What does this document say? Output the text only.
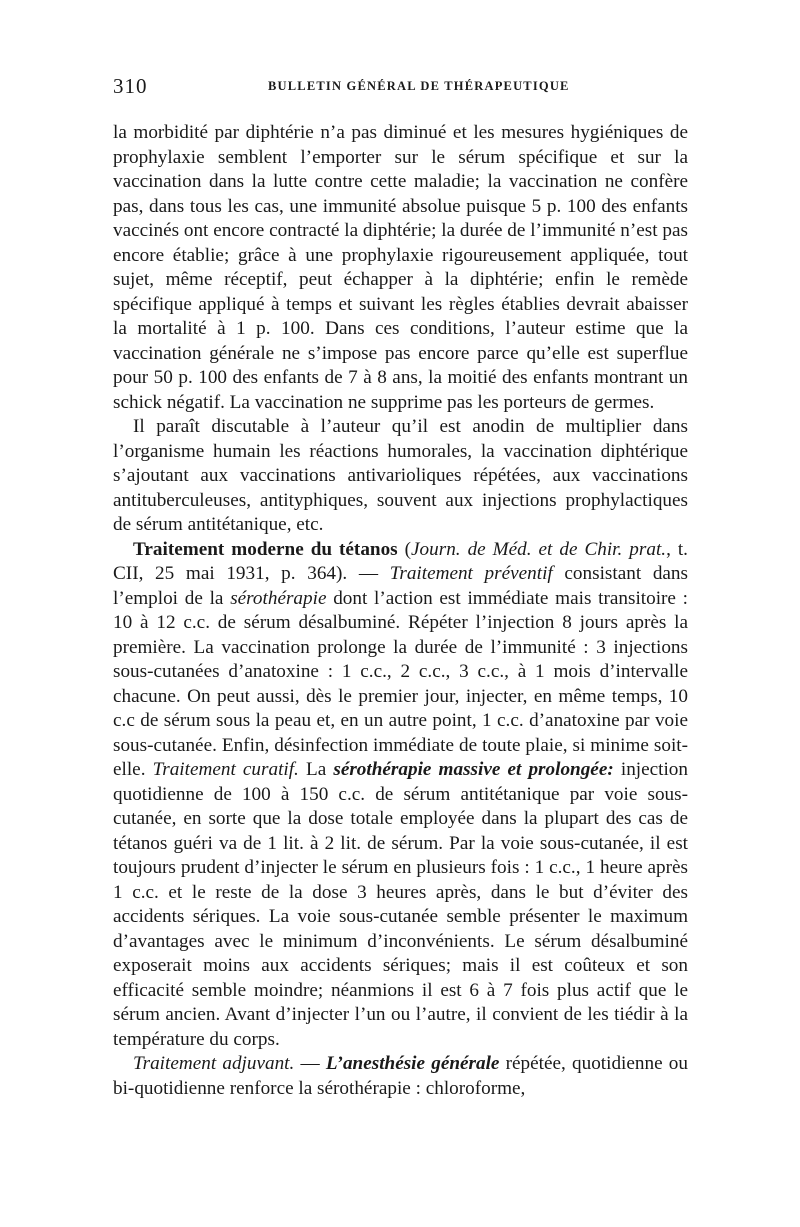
310	BULLETIN GÉNÉRAL DE THÉRAPEUTIQUE

la morbidité par diphtérie n’a pas diminué et les mesures hygiéniques de prophylaxie semblent l’emporter sur le sérum spécifique et sur la vaccination dans la lutte contre cette maladie; la vaccination ne confère pas, dans tous les cas, une immunité absolue puisque 5 p. 100 des enfants vaccinés ont encore contracté la diphtérie; la durée de l’immunité n’est pas encore établie; grâce à une prophylaxie rigoureusement appliquée, tout sujet, même réceptif, peut échapper à la diphtérie; enfin le remède spécifique appliqué à temps et suivant les règles établies devrait abaisser la mortalité à 1 p. 100. Dans ces conditions, l’auteur estime que la vaccination générale ne s’impose pas encore parce qu’elle est superflue pour 50 p. 100 des enfants de 7 à 8 ans, la moitié des enfants montrant un schick négatif. La vaccination ne supprime pas les porteurs de germes.

Il paraît discutable à l’auteur qu’il est anodin de multiplier dans l’organisme humain les réactions humorales, la vaccination diphtérique s’ajoutant aux vaccinations antivarioliques répétées, aux vaccinations antituberculeuses, antityphiques, souvent aux injections prophylactiques de sérum antitétanique, etc.

Traitement moderne du tétanos (Journ. de Méd. et de Chir. prat., t. CII, 25 mai 1931, p. 364). — Traitement préventif consistant dans l’emploi de la sérothérapie dont l’action est immédiate mais transitoire : 10 à 12 c.c. de sérum désalbuminé. Répéter l’injection 8 jours après la première. La vaccination prolonge la durée de l’immunité : 3 injections sous-cutanées d’anatoxine : 1 c.c., 2 c.c., 3 c.c., à 1 mois d’intervalle chacune. On peut aussi, dès le premier jour, injecter, en même temps, 10 c.c de sérum sous la peau et, en un autre point, 1 c.c. d’anatoxine par voie sous-cutanée. Enfin, désinfection immédiate de toute plaie, si minime soit-elle. Traitement curatif. La sérothérapie massive et prolongée: injection quotidienne de 100 à 150 c.c. de sérum antitétanique par voie sous-cutanée, en sorte que la dose totale employée dans la plupart des cas de tétanos guéri va de 1 lit. à 2 lit. de sérum. Par la voie sous-cutanée, il est toujours prudent d’injecter le sérum en plusieurs fois : 1 c.c., 1 heure après 1 c.c. et le reste de la dose 3 heures après, dans le but d’éviter des accidents sériques. La voie sous-cutanée semble présenter le maximum d’avantages avec le minimum d’inconvénients. Le sérum désalbuminé exposerait moins aux accidents sériques; mais il est coûteux et son efficacité semble moindre; néanmions il est 6 à 7 fois plus actif que le sérum ancien. Avant d’injecter l’un ou l’autre, il convient de les tiédir à la température du corps.

Traitement adjuvant. — L’anesthésie générale répétée, quotidienne ou bi-quotidienne renforce la sérothérapie : chloroforme,
